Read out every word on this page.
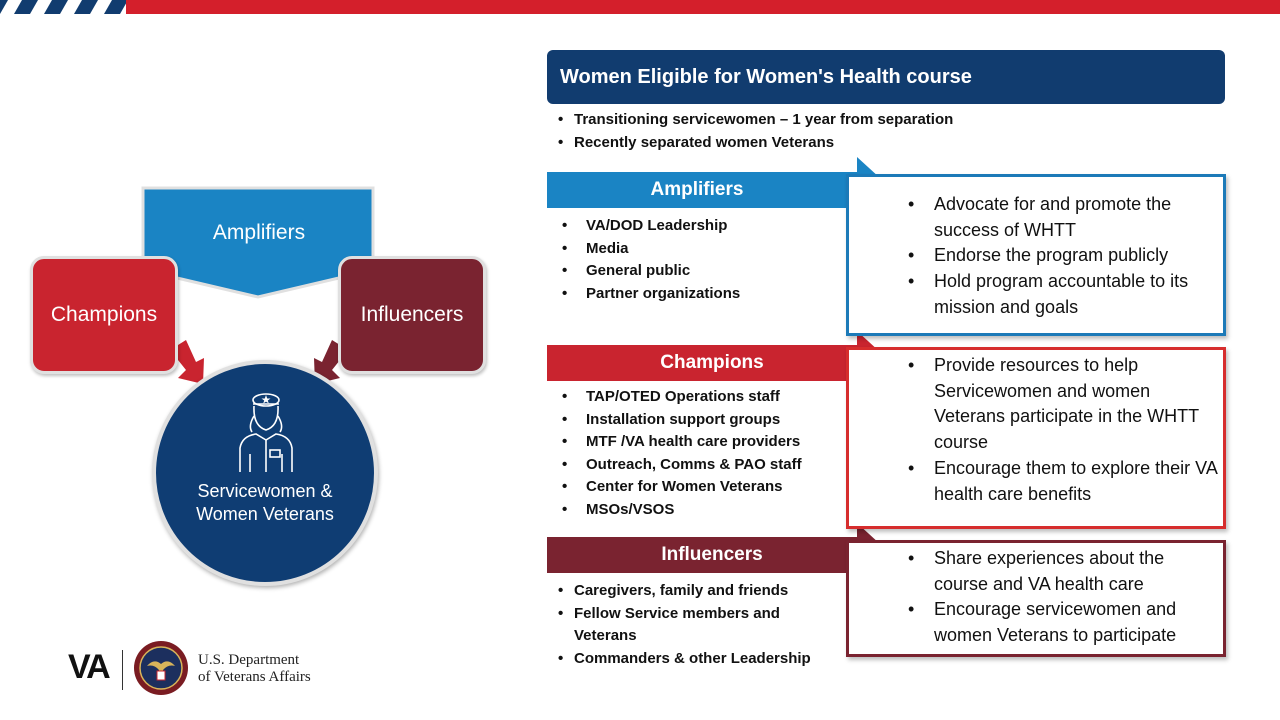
Amplifiers
Champions	Influencers
Servicewomen & Women Veterans
VA	U.S. Department
of Veterans Affairs
Women Eligible for Women's Health course
• Transitioning servicewomen – 1 year from separation
• Recently separated women Veterans
Amplifiers
Champions
Influencers
• VA/DOD Leadership
• Media
• General public
• Partner organizations
• TAP/OTED Operations staff
• Installation support groups
• MTF /VA health care providers
• Outreach, Comms & PAO staff
• Center for Women Veterans
• MSOs/VSOS
• Caregivers, family and friends
• Fellow Service members and Veterans
• Commanders & other Leadership
• Advocate for and promote the success of WHTT
• Endorse the program publicly
• Hold program accountable to its mission and goals
• Provide resources to help Servicewomen and women Veterans participate in the WHTT course
• Encourage them to explore their VA health care benefits
• Share experiences about the course and VA health care
• Encourage servicewomen and women Veterans to participate
